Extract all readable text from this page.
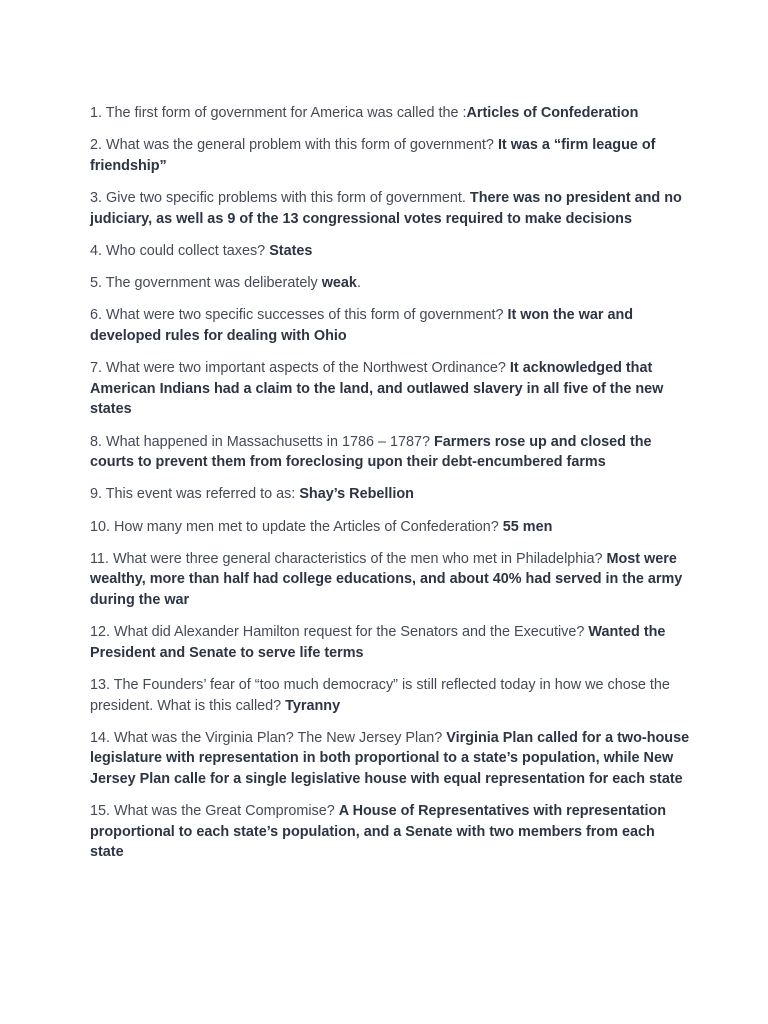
1. The first form of government for America was called the :Articles of Confederation

2. What was the general problem with this form of government? It was a “firm league of friendship”

3. Give two specific problems with this form of government. There was no president and no judiciary, as well as 9 of the 13 congressional votes required to make decisions

4. Who could collect taxes? States

5. The government was deliberately weak.

6. What were two specific successes of this form of government? It won the war and developed rules for dealing with Ohio

7. What were two important aspects of the Northwest Ordinance? It acknowledged that American Indians had a claim to the land, and outlawed slavery in all five of the new states

8. What happened in Massachusetts in 1786 – 1787? Farmers rose up and closed the courts to prevent them from foreclosing upon their debt-encumbered farms

9. This event was referred to as: Shay’s Rebellion

10. How many men met to update the Articles of Confederation? 55 men

11. What were three general characteristics of the men who met in Philadelphia? Most were wealthy, more than half had college educations, and about 40% had served in the army during the war

12. What did Alexander Hamilton request for the Senators and the Executive? Wanted the President and Senate to serve life terms

13. The Founders’ fear of “too much democracy” is still reflected today in how we chose the president. What is this called? Tyranny

14. What was the Virginia Plan? The New Jersey Plan? Virginia Plan called for a two-house legislature with representation in both proportional to a state’s population, while New Jersey Plan calle for a single legislative house with equal representation for each state

15. What was the Great Compromise? A House of Representatives with representation proportional to each state’s population, and a Senate with two members from each state
